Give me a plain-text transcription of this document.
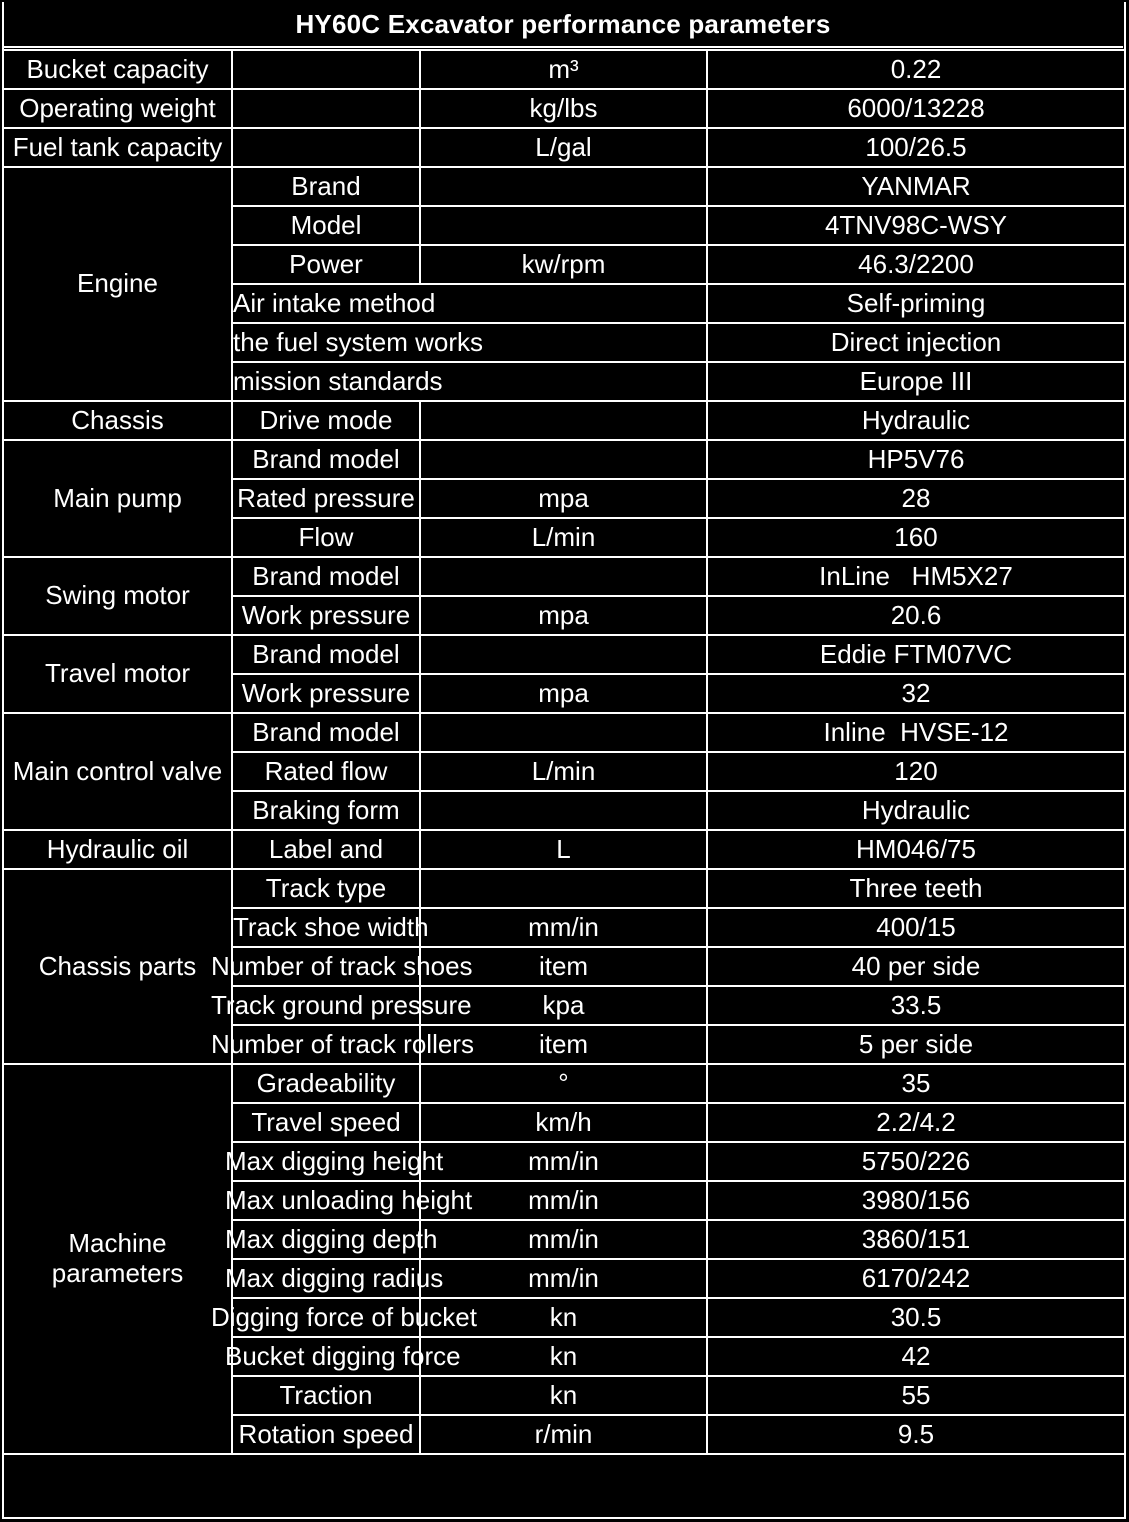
HY60C Excavator performance parameters
Bucket capacity		m³	0.22
Operating weight		kg/lbs	6000/13228
Fuel tank capacity		L/gal	100/26.5
Engine	Brand		YANMAR
	Model		4TNV98C-WSY
	Power	kw/rpm	46.3/2200
	Air intake method		Self-priming
	the fuel system works		Direct injection
	mission standards		Europe III
Chassis	Drive mode		Hydraulic
Main pump	Brand model		HP5V76
	Rated pressure	mpa	28
	Flow	L/min	160
Swing motor	Brand model		InLine   HM5X27
	Work pressure	mpa	20.6
Travel motor	Brand model		Eddie FTM07VC
	Work pressure	mpa	32
Main control valve	Brand model		Inline  HVSE-12
	Rated flow	L/min	120
	Braking form		Hydraulic
Hydraulic oil	Label and	L	HM046/75
Chassis parts	Track type		Three teeth
	Track shoe width	mm/in	400/15
	Number of track shoes	item	40 per side
	Track ground pressure	kpa	33.5
	Number of track rollers	item	5 per side
Machine parameters	Gradeability	°	35
	Travel speed	km/h	2.2/4.2
	Max digging height	mm/in	5750/226
	Max unloading height	mm/in	3980/156
	Max digging depth	mm/in	3860/151
	Max digging radius	mm/in	6170/242
	Digging force of bucket	kn	30.5
	Bucket digging force	kn	42
	Traction	kn	55
	Rotation speed	r/min	9.5
